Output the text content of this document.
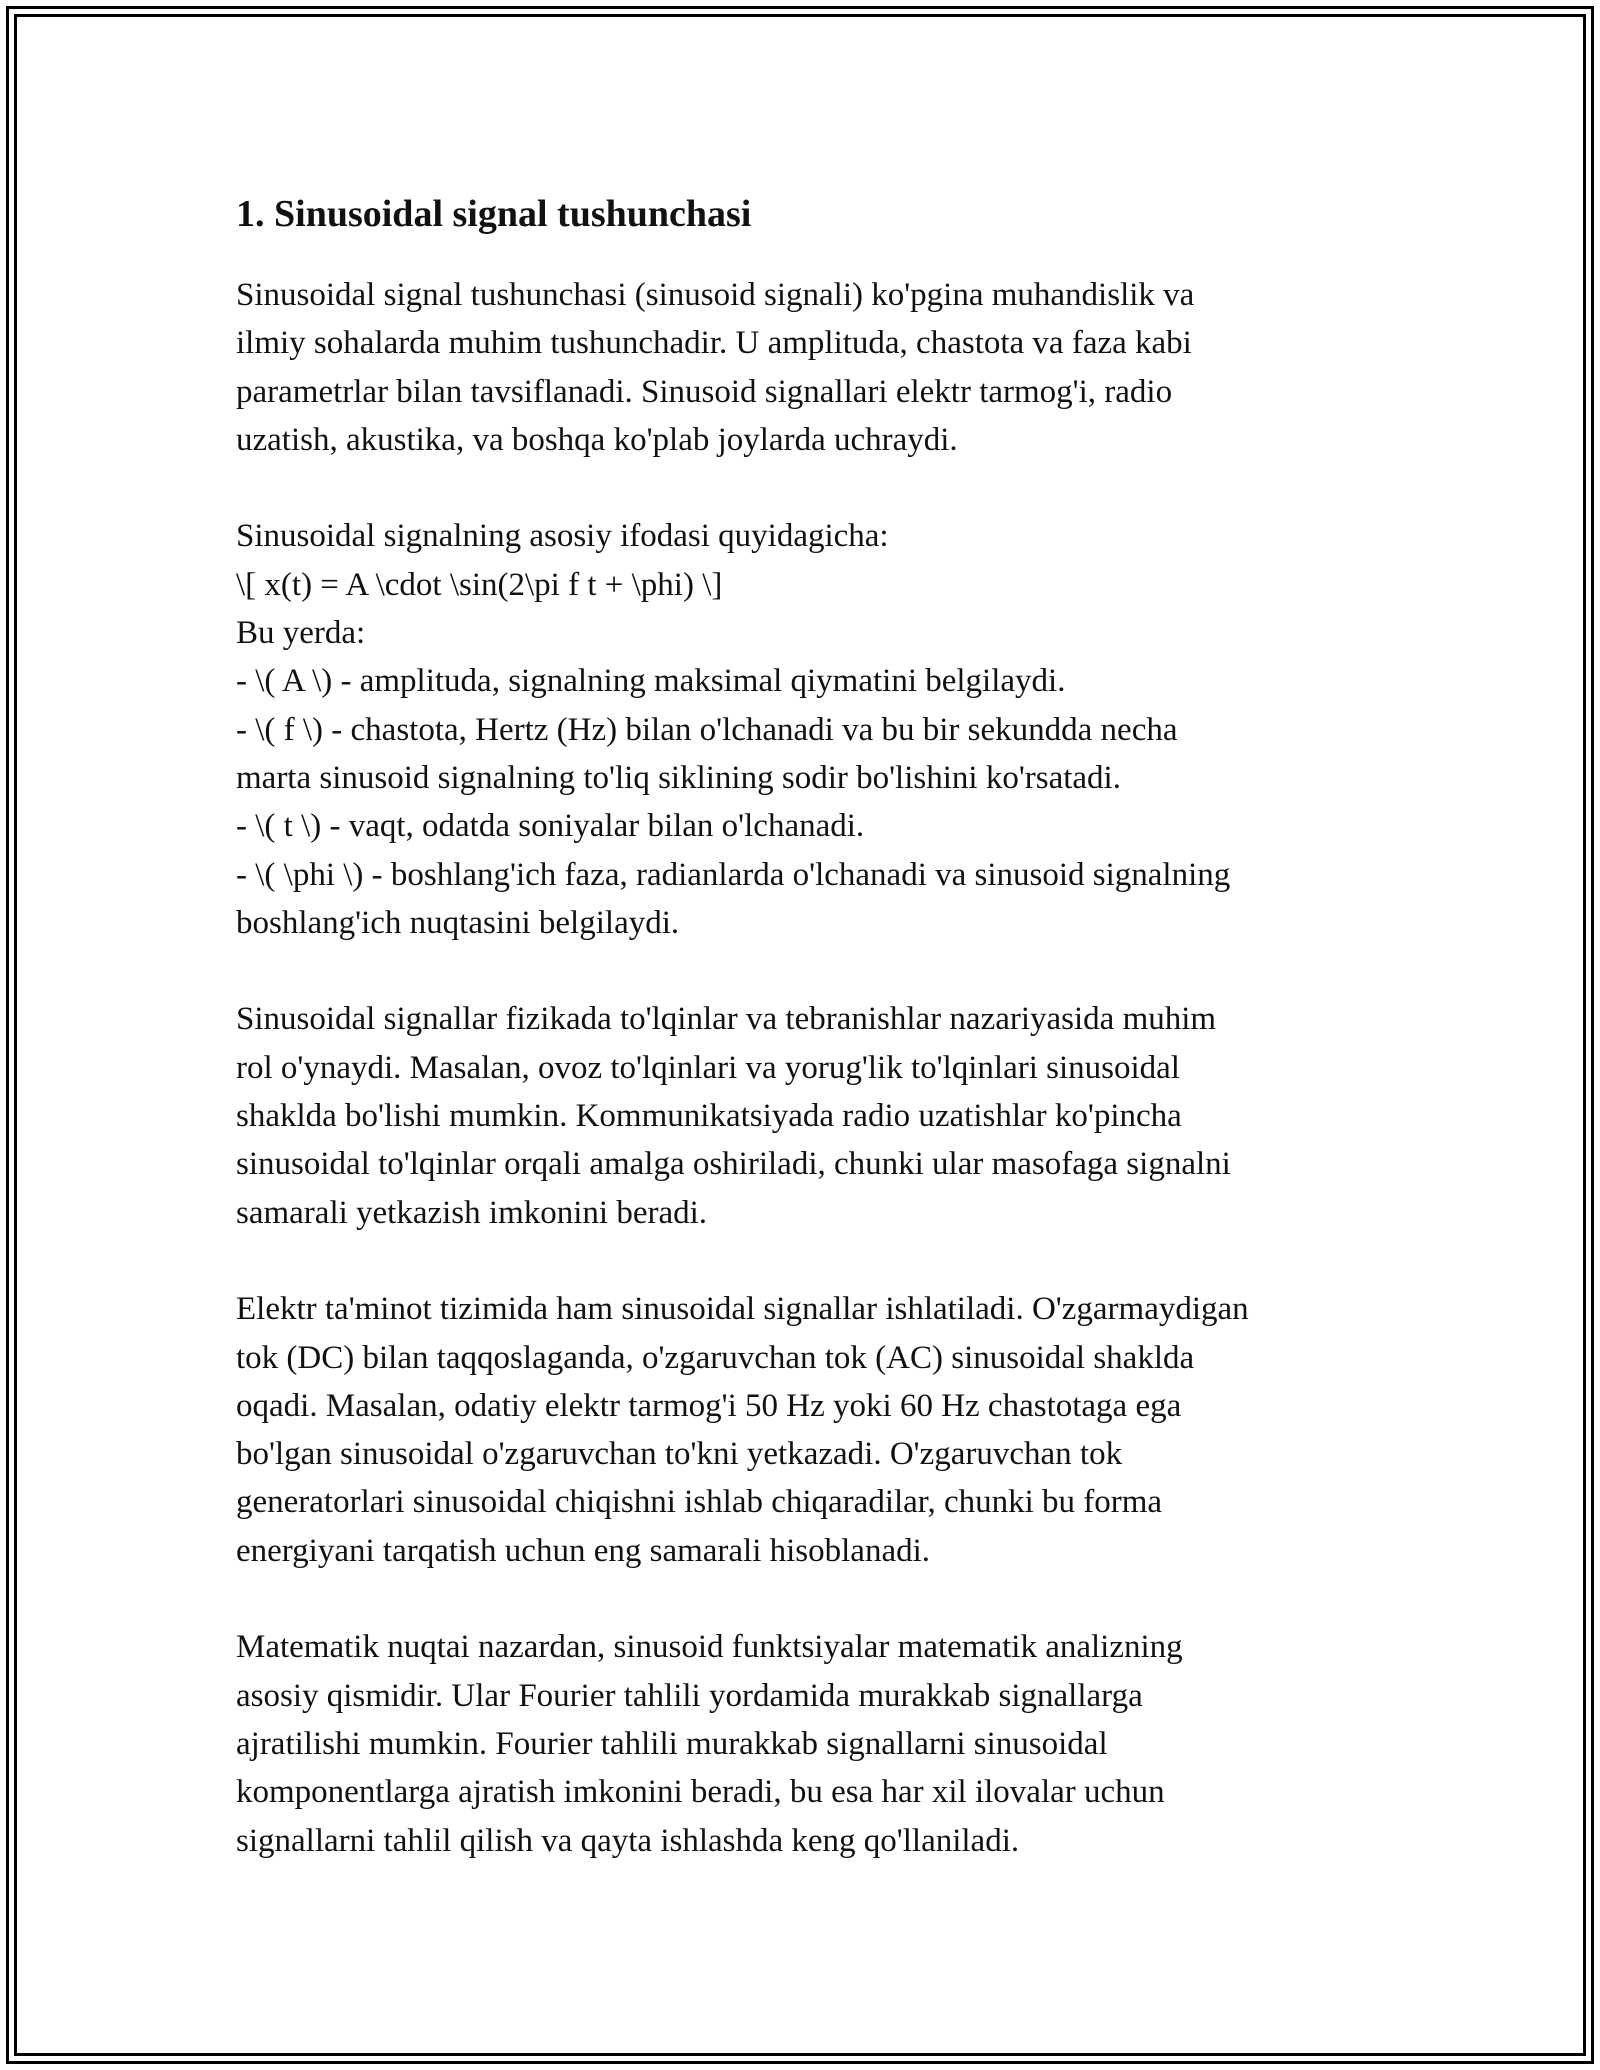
1. Sinusoidal signal tushunchasi
Sinusoidal signal tushunchasi (sinusoid signali) ko'pgina muhandislik va
ilmiy sohalarda muhim tushunchadir. U amplituda, chastota va faza kabi
parametrlar bilan tavsiflanadi. Sinusoid signallari elektr tarmog'i, radio
uzatish, akustika, va boshqa ko'plab joylarda uchraydi.
Sinusoidal signalning asosiy ifodasi quyidagicha:
\[ x(t) = A \cdot \sin(2\pi f t + \phi) \]
Bu yerda:
- \( A \) - amplituda, signalning maksimal qiymatini belgilaydi.
- \( f \) - chastota, Hertz (Hz) bilan o'lchanadi va bu bir sekundda necha
marta sinusoid signalning to'liq siklining sodir bo'lishini ko'rsatadi.
- \( t \) - vaqt, odatda soniyalar bilan o'lchanadi.
- \( \phi \) - boshlang'ich faza, radianlarda o'lchanadi va sinusoid signalning
boshlang'ich nuqtasini belgilaydi.
Sinusoidal signallar fizikada to'lqinlar va tebranishlar nazariyasida muhim
rol o'ynaydi. Masalan, ovoz to'lqinlari va yorug'lik to'lqinlari sinusoidal
shaklda bo'lishi mumkin. Kommunikatsiyada radio uzatishlar ko'pincha
sinusoidal to'lqinlar orqali amalga oshiriladi, chunki ular masofaga signalni
samarali yetkazish imkonini beradi.
Elektr ta'minot tizimida ham sinusoidal signallar ishlatiladi. O'zgarmaydigan
tok (DC) bilan taqqoslaganda, o'zgaruvchan tok (AC) sinusoidal shaklda
oqadi. Masalan, odatiy elektr tarmog'i 50 Hz yoki 60 Hz chastotaga ega
bo'lgan sinusoidal o'zgaruvchan to'kni yetkazadi. O'zgaruvchan tok
generatorlari sinusoidal chiqishni ishlab chiqaradilar, chunki bu forma
energiyani tarqatish uchun eng samarali hisoblanadi.
Matematik nuqtai nazardan, sinusoid funktsiyalar matematik analizning
asosiy qismidir. Ular Fourier tahlili yordamida murakkab signallarga
ajratilishi mumkin. Fourier tahlili murakkab signallarni sinusoidal
komponentlarga ajratish imkonini beradi, bu esa har xil ilovalar uchun
signallarni tahlil qilish va qayta ishlashda keng qo'llaniladi.
